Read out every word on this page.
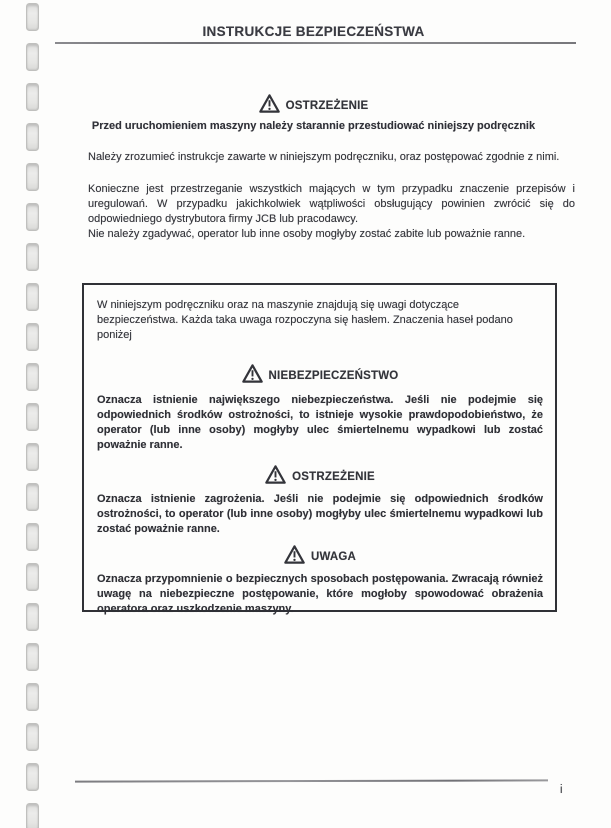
INSTRUKCJE BEZPIECZEŃSTWA
OSTRZEŻENIE
Przed uruchomieniem maszyny należy starannie przestudiować niniejszy podręcznik

Należy zrozumieć instrukcje zawarte w niniejszym podręczniku, oraz postępować zgodnie z nimi.

Konieczne jest przestrzeganie wszystkich mających w tym przypadku znaczenie przepisów i uregulowań. W przypadku jakichkolwiek wątpliwości obsługujący powinien zwrócić się do odpowiedniego dystrybutora firmy JCB lub pracodawcy.

Nie należy zgadywać, operator lub inne osoby mogłyby zostać zabite lub poważnie ranne.

W niniejszym podręczniku oraz na maszynie znajdują się uwagi dotyczące bezpieczeństwa. Każda taka uwaga rozpoczyna się hasłem. Znaczenia haseł podano poniżej

NIEBEZPIECZEŃSTWO

Oznacza istnienie największego niebezpieczeństwa. Jeśli nie podejmie się odpowiednich środków ostrożności, to istnieje wysokie prawdopodobieństwo, że operator (lub inne osoby) mogłyby ulec śmiertelnemu wypadkowi lub zostać poważnie ranne.

OSTRZEŻENIE

Oznacza istnienie zagrożenia. Jeśli nie podejmie się odpowiednich środków ostrożności, to operator (lub inne osoby) mogłyby ulec śmiertelnemu wypadkowi lub zostać poważnie ranne.

UWAGA

Oznacza przypomnienie o bezpiecznych sposobach postępowania. Zwracają również uwagę na niebezpieczne postępowanie, które mogłoby spowodować obrażenia operatora oraz uszkodzenie maszyny.

i
